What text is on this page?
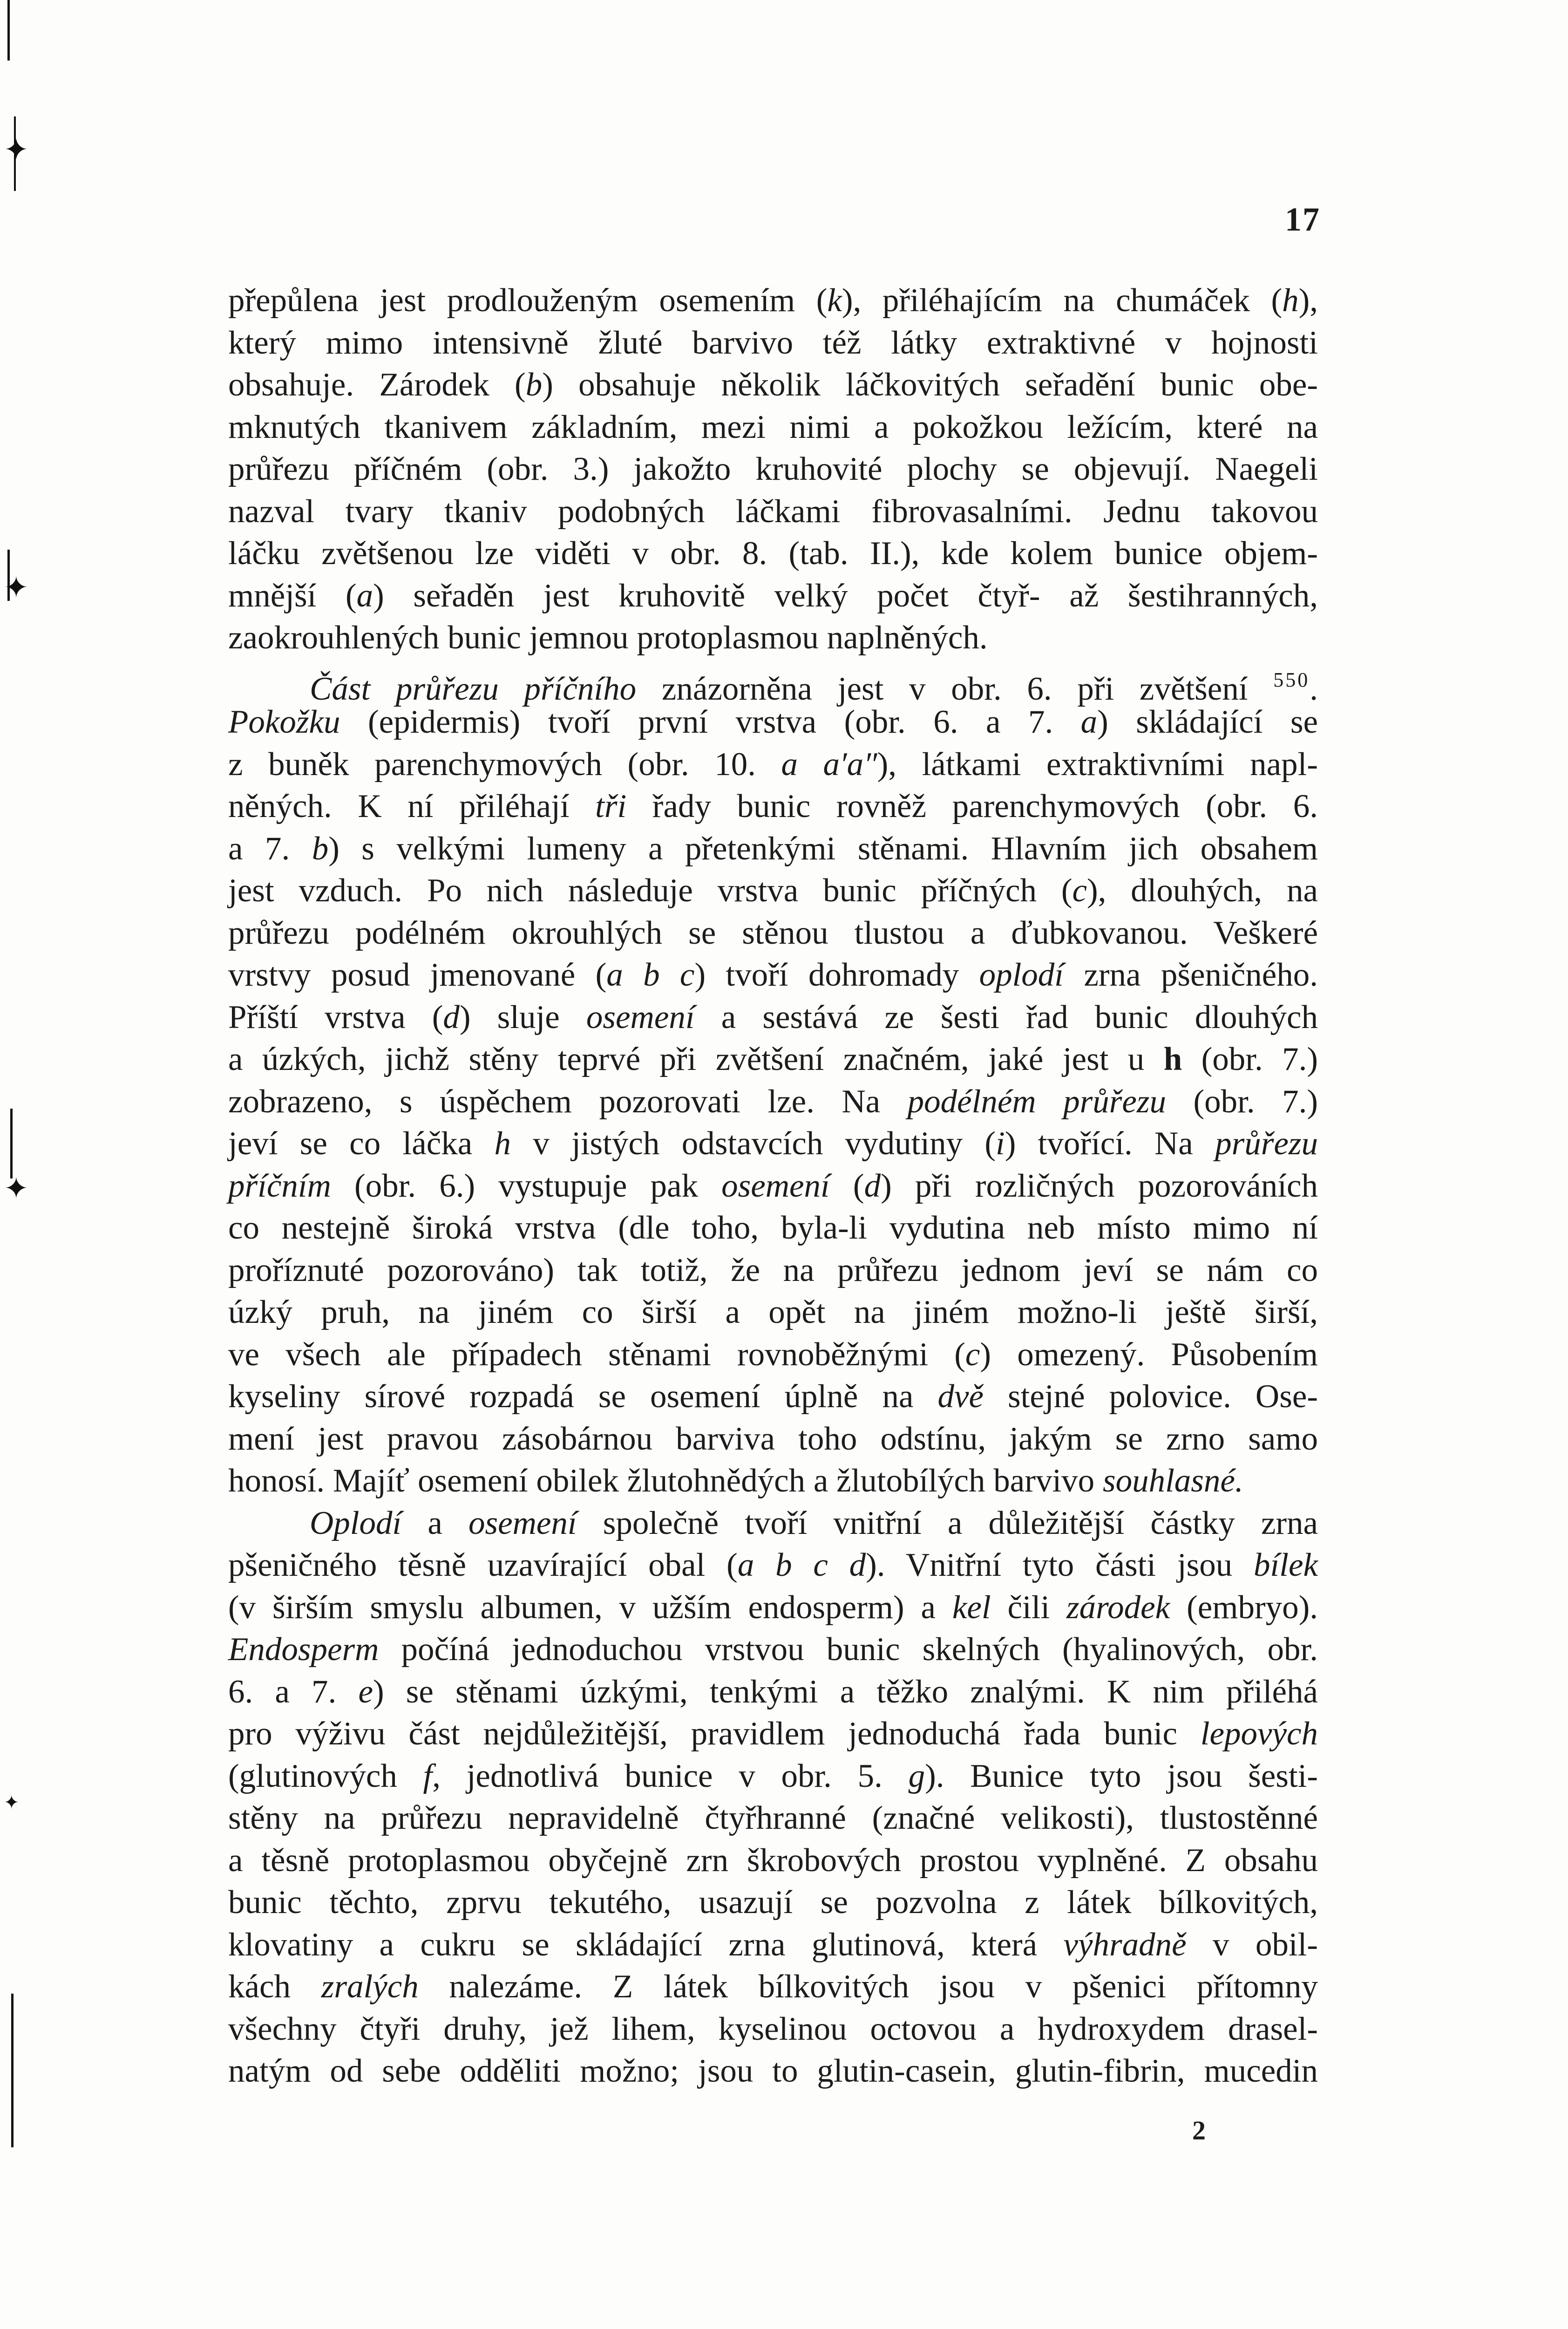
✦
✦
✦
✦
17
přepůlena jest prodlouženým osemením (k), přiléhajícím na chumáček (h),
který mimo intensivně žluté barvivo též látky extraktivné v hojnosti
obsahuje. Zárodek (b) obsahuje několik láčkovitých seřadění bunic obe-
mknutých tkanivem základním, mezi nimi a pokožkou ležícím, které na
průřezu příčném (obr. 3.) jakožto kruhovité plochy se objevují. Naegeli
nazval tvary tkaniv podobných láčkami fibrovasalními. Jednu takovou
láčku zvětšenou lze viděti v obr. 8. (tab. II.), kde kolem bunice objem-
mnější (a) seřaděn jest kruhovitě velký počet čtyř- až šestihranných,
zaokrouhlených bunic jemnou protoplasmou naplněných.
Část průřezu příčního znázorněna jest v obr. 6. při zvětšení $^{550}$.
Pokožku (epidermis) tvoří první vrstva (obr. 6. a 7. a) skládající se
z buněk parenchymových (obr. 10. a a′a″), látkami extraktivními napl-
něných. K ní přiléhají tři řady bunic rovněž parenchymových (obr. 6.
a 7. b) s velkými lumeny a přetenkými stěnami. Hlavním jich obsahem
jest vzduch. Po nich následuje vrstva bunic příčných (c), dlouhých, na
průřezu podélném okrouhlých se stěnou tlustou a ďubkovanou. Veškeré
vrstvy posud jmenované (a b c) tvoří dohromady oplodí zrna pšeničného.
Příští vrstva (d) sluje osemení a sestává ze šesti řad bunic dlouhých
a úzkých, jichž stěny teprvé při zvětšení značném, jaké jest u h (obr. 7.)
zobrazeno, s úspěchem pozorovati lze. Na podélném průřezu (obr. 7.)
jeví se co láčka h v jistých odstavcích vydutiny (i) tvořící. Na průřezu
příčním (obr. 6.) vystupuje pak osemení (d) při rozličných pozorováních
co nestejně široká vrstva (dle toho, byla-li vydutina neb místo mimo ní
proříznuté pozorováno) tak totiž, že na průřezu jednom jeví se nám co
úzký pruh, na jiném co širší a opět na jiném možno-li ještě širší,
ve všech ale případech stěnami rovnoběžnými (c) omezený. Působením
kyseliny sírové rozpadá se osemení úplně na dvě stejné polovice. Ose-
mení jest pravou zásobárnou barviva toho odstínu, jakým se zrno samo
honosí. Majíť osemení obilek žlutohnědých a žlutobílých barvivo souhlasné.
Oplodí a osemení společně tvoří vnitřní a důležitější částky zrna
pšeničného těsně uzavírající obal (a b c d). Vnitřní tyto části jsou bílek
(v širším smyslu albumen, v užším endosperm) a kel čili zárodek (embryo).
Endosperm počíná jednoduchou vrstvou bunic skelných (hyalinových, obr.
6. a 7. e) se stěnami úzkými, tenkými a těžko znalými. K nim přiléhá
pro výživu část nejdůležitější, pravidlem jednoduchá řada bunic lepových
(glutinových f, jednotlivá bunice v obr. 5. g). Bunice tyto jsou šesti-
stěny na průřezu nepravidelně čtyřhranné (značné velikosti), tlustostěnné
a těsně protoplasmou obyčejně zrn škrobových prostou vyplněné. Z obsahu
bunic těchto, zprvu tekutého, usazují se pozvolna z látek bílkovitých,
klovatiny a cukru se skládající zrna glutinová, která výhradně v obil-
kách zralých nalezáme. Z látek bílkovitých jsou v pšenici přítomny
všechny čtyři druhy, jež lihem, kyselinou octovou a hydroxydem drasel-
natým od sebe odděliti možno; jsou to glutin-casein, glutin-fibrin, mucedin
2
